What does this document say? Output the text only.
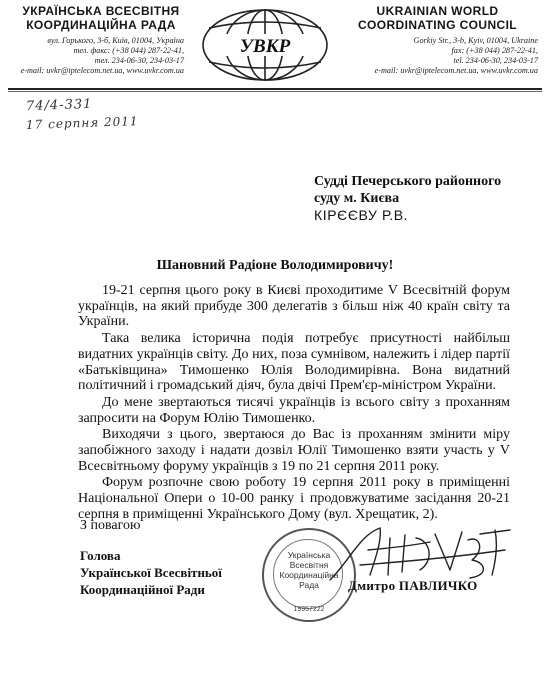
УКРАЇНСЬКА ВСЕСВІТНЯ
КООРДИНАЦІЙНА РАДА
вул. Горького, 3-б, Київ, 01004, Україна
тел. факс: (+38 044) 287-22-41,
тел. 234-06-30, 234-03-17
e-mail: uvkr@iptelecom.net.ua, www.uvkr.com.ua
УВКР
UKRAINIAN WORLD
COORDINATING COUNCIL
Gorkiy Str., 3-b, Kyiv, 01004, Ukraine
fax: (+38 044) 287-22-41,
tel. 234-06-30, 234-03-17
e-mail: uvkr@iptelecom.net.ua, www.uvkr.com.ua
74/4-331
17 серпня 2011
Судді Печерського районного
суду м. Києва
КІРЄЄВУ Р.В.
Шановний Радіоне Володимировичу!

19-21 серпня цього року в Києві проходитиме V Всесвітній форум українців, на який прибуде 300 делегатів з більш ніж 40 країн світу та України.

Така велика історична подія потребує присутності найбільш видатних українців світу. До них, поза сумнівом, належить і лідер партії «Батьківщина» Тимошенко Юлія Володимирівна. Вона видатний політичний і громадський діяч, була двічі Прем'єр-міністром України.

До мене звертаються тисячі українців із всього світу з проханням запросити на Форум Юлію Тимошенко.

Виходячи з цього, звертаюся до Вас із проханням змінити міру запобіжного заходу і надати дозвіл Юлії Тимошенко взяти участь у V Всесвітньому форуму українців з 19 по 21 серпня 2011 року.

Форум розпочне свою роботу 19 серпня 2011 року в приміщенні Національної Опери о 10-00 ранку і продовжуватиме засідання 20-21 серпня в приміщенні Українського Дому (вул. Хрещатик, 2).

З повагою
Голова
Української Всесвітньої
Координаційної Ради
Українська
Всесвітня
Координаційна
Рада
19957222
Дмитро ПАВЛИЧКО
